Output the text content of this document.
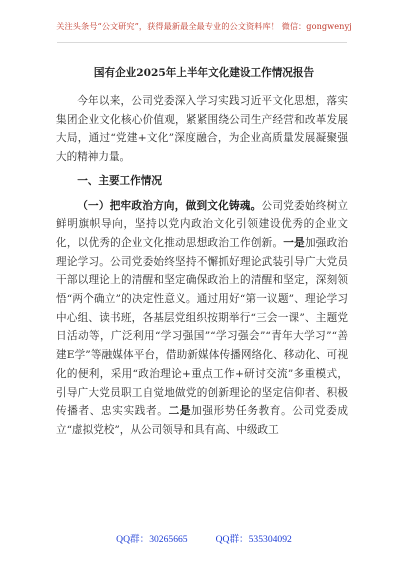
关注头条号“公文研究”，获得最新最全最专业的公文资料库！ 微信：gongwenyj
国有企业2025年上半年文化建设工作情况报告

今年以来，公司党委深入学习实践习近平文化思想，落实集团企业文化核心价值观，紧紧围绕公司生产经营和改革发展大局，通过“党建+文化”深度融合，为企业高质量发展凝聚强大的精神力量。

一、主要工作情况

（一）把牢政治方向，做到文化铸魂。公司党委始终树立鲜明旗帜导向，坚持以党内政治文化引领建设优秀的企业文化，以优秀的企业文化推动思想政治工作创新。一是加强政治理论学习。公司党委始终坚持不懈抓好理论武装引导广大党员干部以理论上的清醒和坚定确保政治上的清醒和坚定，深刻领悟“两个确立”的决定性意义。通过用好“第一议题”、理论学习中心组、读书班，各基层党组织按期举行“三会一课”、主题党日活动等，广泛利用“学习强国”“学习强会”“青年大学习”“善建E学”等融媒体平台，借助新媒体传播网络化、移动化、可视化的便利，采用“政治理论+重点工作+研讨交流”多重模式，引导广大党员职工自觉地做党的创新理论的坚定信仰者、积极传播者、忠实实践者。二是加强形势任务教育。公司党委成立“虚拟党校”，从公司领导和具有高、中级政工

QQ群：30265665	QQ群：535304092
